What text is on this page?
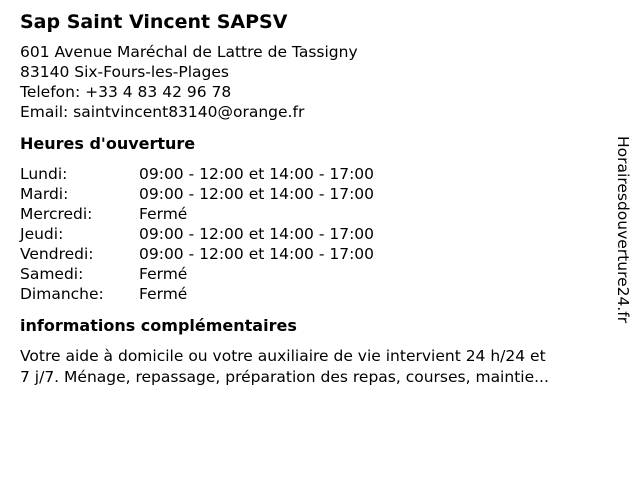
Sap Saint Vincent SAPSV
601 Avenue Maréchal de Lattre de Tassigny
83140 Six-Fours-les-Plages
Telefon: +33 4 83 42 96 78
Email: saintvincent83140@orange.fr
Heures d'ouverture
Lundi:	09:00 - 12:00 et 14:00 - 17:00
Mardi:	09:00 - 12:00 et 14:00 - 17:00
Mercredi:	Fermé
Jeudi:	09:00 - 12:00 et 14:00 - 17:00
Vendredi:	09:00 - 12:00 et 14:00 - 17:00
Samedi:	Fermé
Dimanche:	Fermé
informations complémentaires
Votre aide à domicile ou votre auxiliaire de vie intervient 24 h/24 et
7 j/7. Ménage, repassage, préparation des repas, courses, maintie...
Horairesdouverture24.fr
